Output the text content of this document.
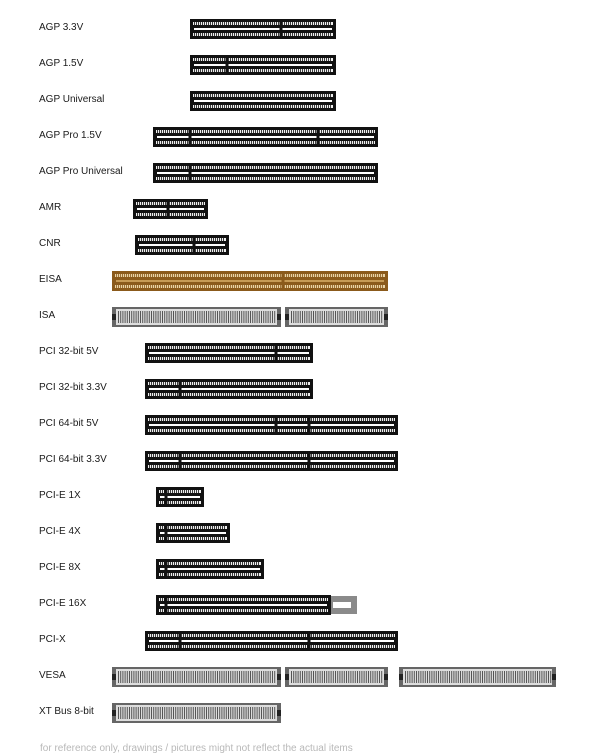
AGP 3.3V
AGP 1.5V
AGP Universal
AGP Pro 1.5V
AGP Pro Universal
AMR
CNR
EISA
ISA
PCI 32-bit 5V
PCI 32-bit 3.3V
PCI 64-bit 5V
PCI 64-bit 3.3V
PCI-E 1X
PCI-E 4X
PCI-E 8X
PCI-E 16X
PCI-X
VESA
XT Bus 8-bit
for reference only, drawings / pictures might not reflect the actual items
